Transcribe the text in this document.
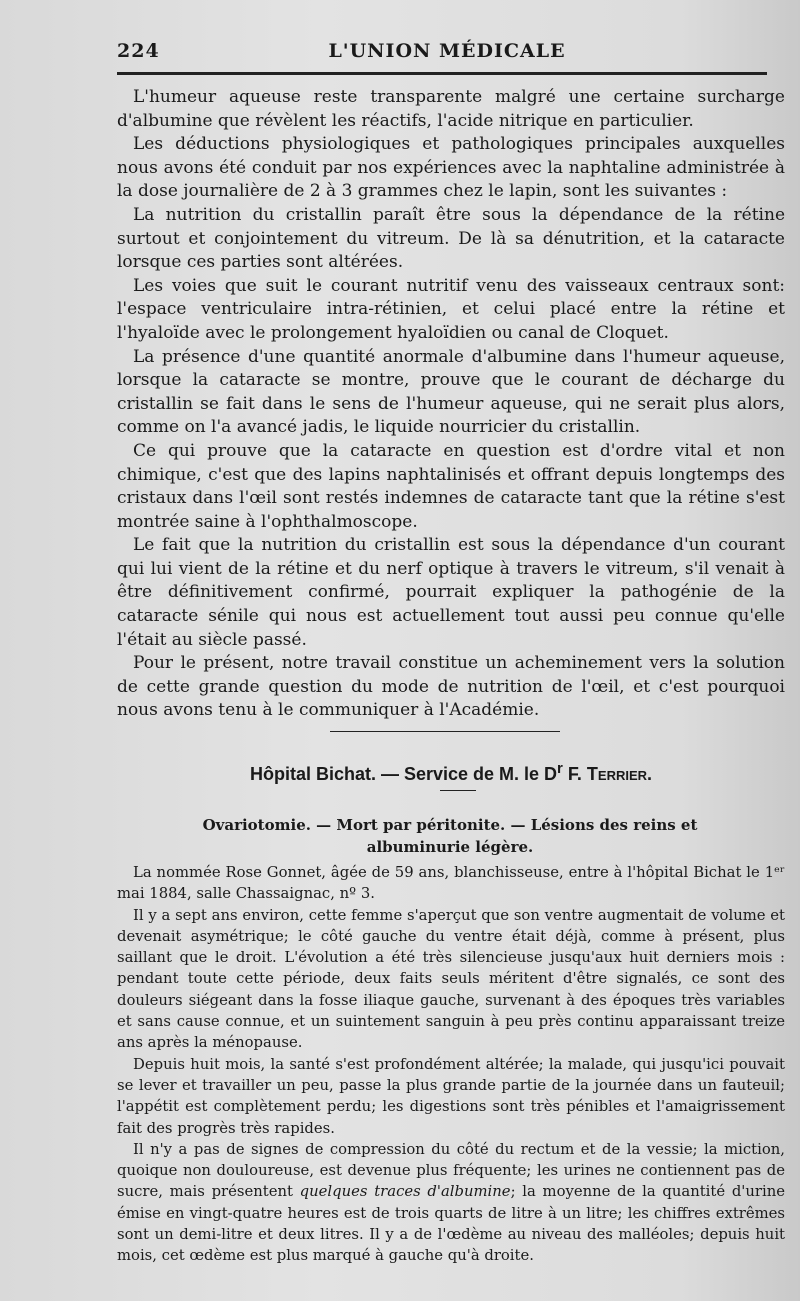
224	L'UNION MÉDICALE

L'humeur aqueuse reste transparente malgré une certaine surcharge d'albumine que révèlent les réactifs, l'acide nitrique en particulier.

Les déductions physiologiques et pathologiques principales auxquelles nous avons été conduit par nos expériences avec la naphtaline administrée à la dose journalière de 2 à 3 grammes chez le lapin, sont les suivantes :

La nutrition du cristallin paraît être sous la dépendance de la rétine surtout et conjointement du vitreum. De là sa dénutrition, et la cataracte lorsque ces parties sont altérées.

Les voies que suit le courant nutritif venu des vaisseaux centraux sont: l'espace ventriculaire intra-rétinien, et celui placé entre la rétine et l'hyaloïde avec le prolongement hyaloïdien ou canal de Cloquet.

La présence d'une quantité anormale d'albumine dans l'humeur aqueuse, lorsque la cataracte se montre, prouve que le courant de décharge du cristallin se fait dans le sens de l'humeur aqueuse, qui ne serait plus alors, comme on l'a avancé jadis, le liquide nourricier du cristallin.

Ce qui prouve que la cataracte en question est d'ordre vital et non chimique, c'est que des lapins naphtalinisés et offrant depuis longtemps des cristaux dans l'œil sont restés indemnes de cataracte tant que la rétine s'est montrée saine à l'ophthalmoscope.

Le fait que la nutrition du cristallin est sous la dépendance d'un courant qui lui vient de la rétine et du nerf optique à travers le vitreum, s'il venait à être définitivement confirmé, pourrait expliquer la pathogénie de la cataracte sénile qui nous est actuellement tout aussi peu connue qu'elle l'était au siècle passé.

Pour le présent, notre travail constitue un acheminement vers la solution de cette grande question du mode de nutrition de l'œil, et c'est pourquoi nous avons tenu à le communiquer à l'Académie.

Hôpital Bichat. — Service de M. le $D^r$ F. Terrier.
Ovariotomie. — Mort par péritonite. — Lésions des reins et albuminurie légère.

La nommée Rose Gonnet, âgée de 59 ans, blanchisseuse, entre à l'hôpital Bichat le 1ᵉʳ mai 1884, salle Chassaignac, nº 3.

Il y a sept ans environ, cette femme s'aperçut que son ventre augmentait de volume et devenait asymétrique; le côté gauche du ventre était déjà, comme à présent, plus saillant que le droit. L'évolution a été très silencieuse jusqu'aux huit derniers mois : pendant toute cette période, deux faits seuls méritent d'être signalés, ce sont des douleurs siégeant dans la fosse iliaque gauche, survenant à des époques très variables et sans cause connue, et un suintement sanguin à peu près continu apparaissant treize ans après la ménopause.

Depuis huit mois, la santé s'est profondément altérée; la malade, qui jusqu'ici pouvait se lever et travailler un peu, passe la plus grande partie de la journée dans un fauteuil; l'appétit est complètement perdu; les digestions sont très pénibles et l'amaigrissement fait des progrès très rapides.

Il n'y a pas de signes de compression du côté du rectum et de la vessie; la miction, quoique non douloureuse, est devenue plus fréquente; les urines ne contiennent pas de sucre, mais présentent quelques traces d'albumine; la moyenne de la quantité d'urine émise en vingt-quatre heures est de trois quarts de litre à un litre; les chiffres extrêmes sont un demi-litre et deux litres. Il y a de l'œdème au niveau des malléoles; depuis huit mois, cet œdème est plus marqué à gauche qu'à droite.
